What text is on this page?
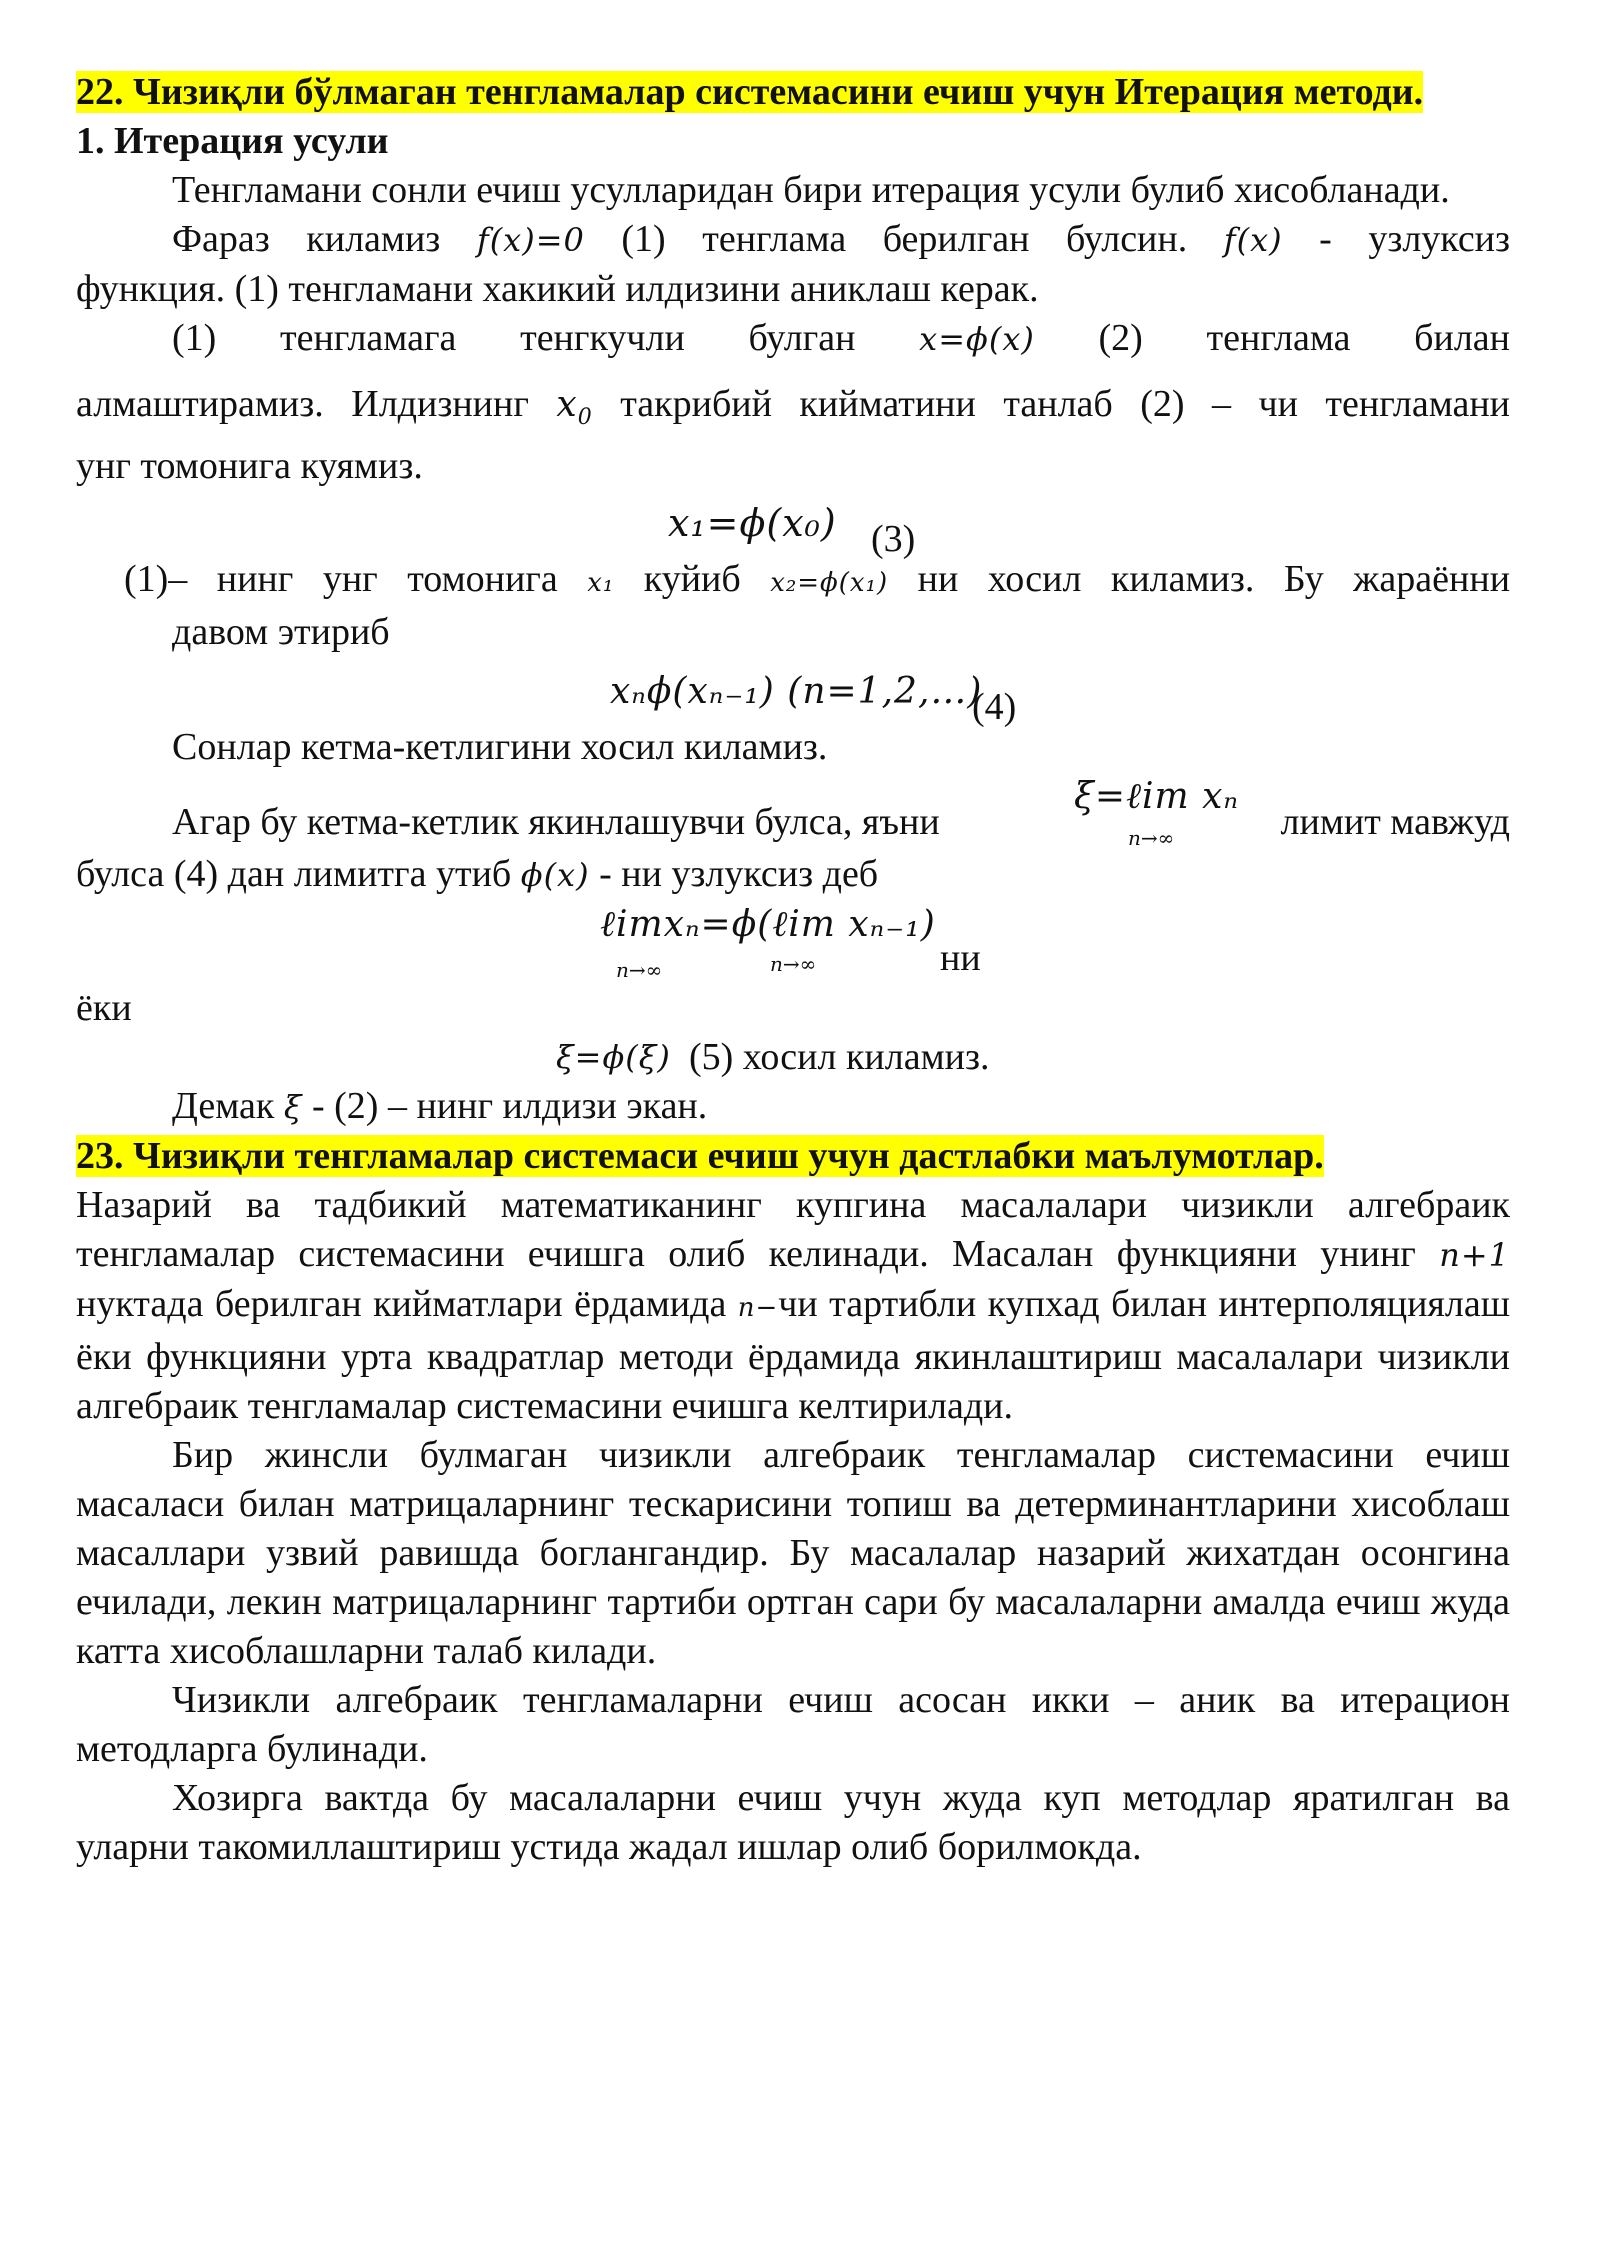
22. Чизиқли бўлмаган тенгламалар системасини ечиш учун Итерация методи.

1. Итерация усули

Тенгламани сонли ечиш усулларидан бири итерация усули булиб хисобланади.

Фараз киламиз f(x)=0 (1) тенглама берилган булсин. f(x) - узлуксиз

функция. (1) тенгламани хакикий илдизини аниклаш керак.

(1) тенгламага тенгкучли булган x=ϕ(x) (2) тенглама билан

алмаштирамиз. Илдизнинг $x_0$ такрибий кийматини танлаб (2) – чи тенгламани

унг томонига куямиз.

x₁=ϕ(x₀) (3)

(1)– нинг унг томонига x₁ куйиб x₂=ϕ(x₁) ни хосил киламиз. Бу жараённи

давом этириб

xₙϕ(xₙ₋₁) (n=1,2,…)
(4)

Сонлар кетма-кетлигини хосил киламиз.

Агар бу кетма-кетлик якинлашувчи булса, яъни
ξ=ℓim xₙ
n→∞	лимит мавжуд

булса (4) дан лимитга утиб ϕ(x) - ни узлуксиз деб

ℓimxₙ=ϕ(ℓim xₙ₋₁)
n→∞	n→∞	ни

ёки

ξ=ϕ(ξ) (5) хосил киламиз.

Демак ξ - (2) – нинг илдизи экан.

23. Чизиқли тенгламалар системаси ечиш учун дастлабки маълумотлар.

Назарий ва тадбикий математиканинг купгина масалалари чизикли алгебраик тенгламалар системасини ечишга олиб келинади. Масалан функцияни унинг n+1 нуктада берилган кийматлари ёрдамида n−чи тартибли купхад билан интерполяциялаш ёки функцияни урта квадратлар методи ёрдамида якинлаштириш масалалари чизикли алгебраик тенгламалар системасини ечишга келтирилади.

Бир жинсли булмаган чизикли алгебраик тенгламалар системасини ечиш масаласи билан матрицаларнинг тескарисини топиш ва детерминантларини хисоблаш масаллари узвий равишда боглангандир. Бу масалалар назарий жихатдан осонгина ечилади, лекин матрицаларнинг тартиби ортган сари бу масалаларни амалда ечиш жуда катта хисоблашларни талаб килади.

Чизикли алгебраик тенгламаларни ечиш асосан икки – аник ва итерацион методларга булинади.

Хозирга вактда бу масалаларни ечиш учун жуда куп методлар яратилган ва уларни такомиллаштириш устида жадал ишлар олиб борилмокда.
